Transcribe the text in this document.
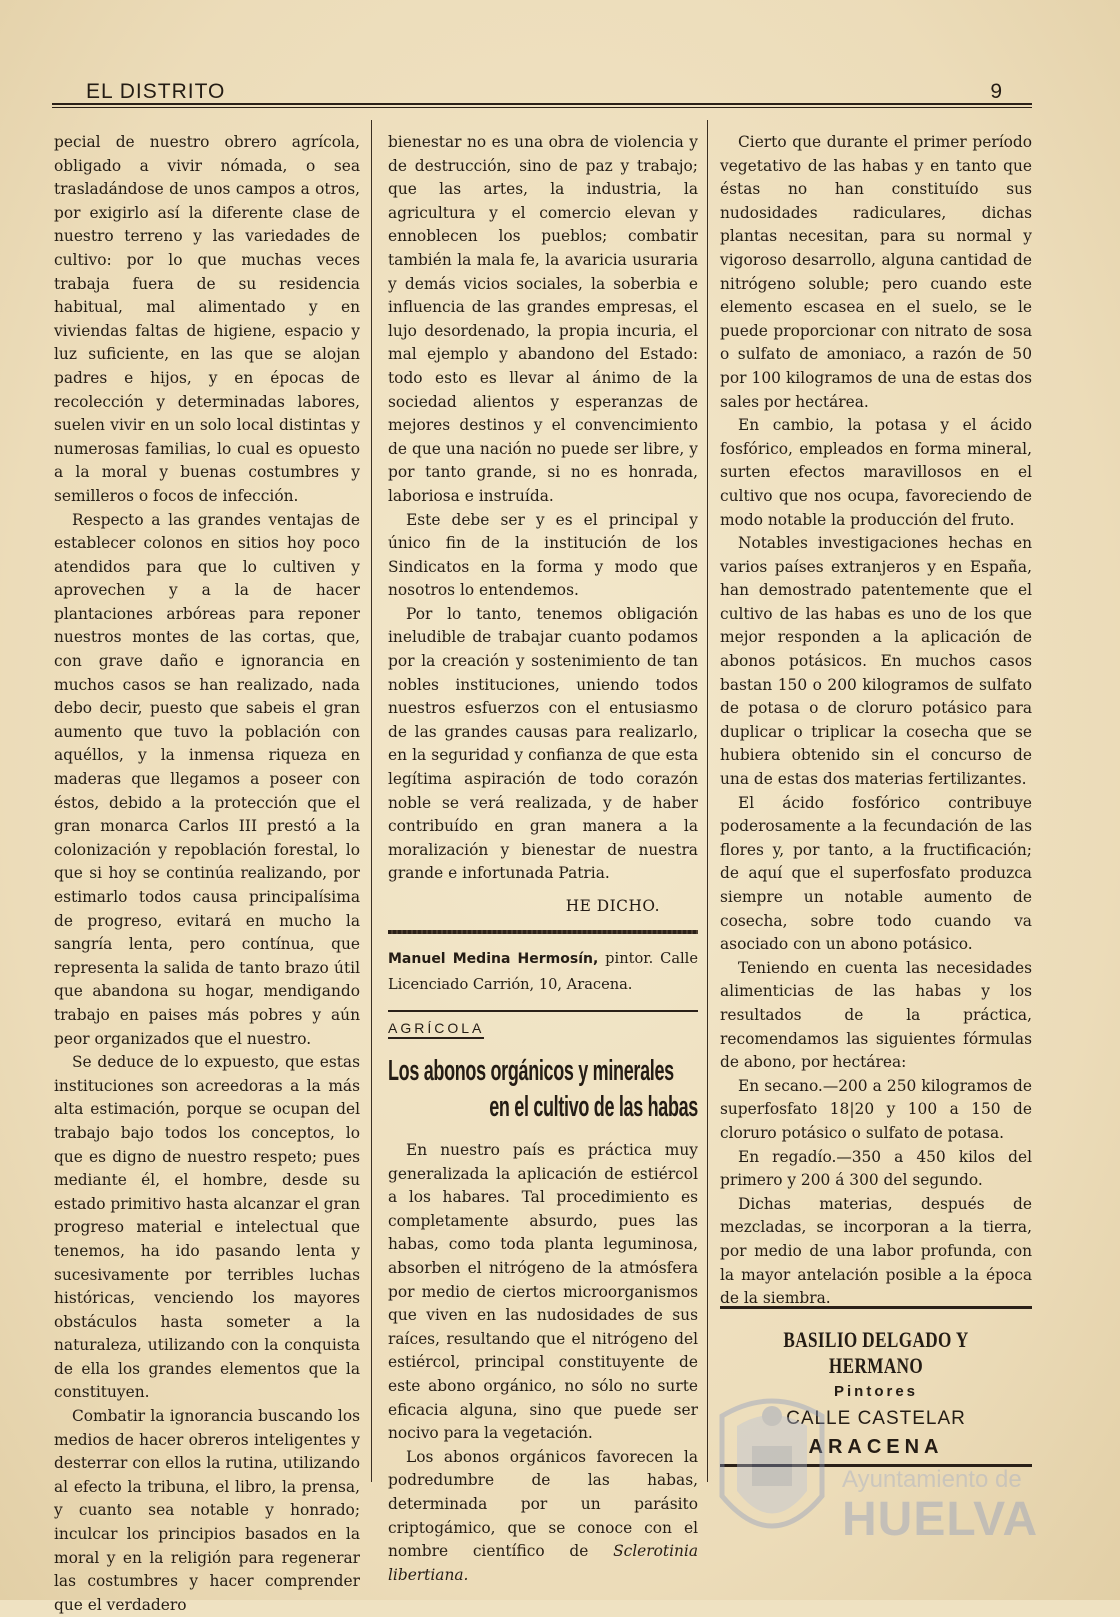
EL DISTRITO	9

pecial de nuestro obrero agrícola, obligado a vivir nómada, o sea trasladándose de unos campos a otros, por exigirlo así la diferente clase de nuestro terreno y las variedades de cultivo: por lo que muchas veces trabaja fuera de su residencia habitual, mal alimentado y en viviendas faltas de higiene, espacio y luz suficiente, en las que se alojan padres e hijos, y en épocas de recolección y determinadas labores, suelen vivir en un solo local distintas y numerosas familias, lo cual es opuesto a la moral y buenas costumbres y semilleros o focos de infección.

Respecto a las grandes ventajas de establecer colonos en sitios hoy poco atendidos para que lo cultiven y aprovechen y a la de hacer plantaciones arbóreas para reponer nuestros montes de las cortas, que, con grave daño e ignorancia en muchos casos se han realizado, nada debo decir, puesto que sabeis el gran aumento que tuvo la población con aquéllos, y la inmensa riqueza en maderas que llegamos a poseer con éstos, debido a la protección que el gran monarca Carlos III prestó a la colonización y repoblación forestal, lo que si hoy se continúa realizando, por estimarlo todos causa principalísima de progreso, evitará en mucho la sangría lenta, pero contínua, que representa la salida de tanto brazo útil que abandona su hogar, mendigando trabajo en paises más pobres y aún peor organizados que el nuestro.

Se deduce de lo expuesto, que estas instituciones son acreedoras a la más alta estimación, porque se ocupan del trabajo bajo todos los conceptos, lo que es digno de nuestro respeto; pues mediante él, el hombre, desde su estado primitivo hasta alcanzar el gran progreso material e intelectual que tenemos, ha ido pasando lenta y sucesivamente por terribles luchas históricas, venciendo los mayores obstáculos hasta someter a la naturaleza, utilizando con la conquista de ella los grandes elementos que la constituyen.

Combatir la ignorancia buscando los medios de hacer obreros inteligentes y desterrar con ellos la rutina, utilizando al efecto la tribuna, el libro, la prensa, y cuanto sea notable y honrado; inculcar los principios basados en la moral y en la religión para regenerar las costumbres y hacer comprender que el verdadero

bienestar no es una obra de violencia y de destrucción, sino de paz y trabajo; que las artes, la industria, la agricultura y el comercio elevan y ennoblecen los pueblos; combatir también la mala fe, la avaricia usuraria y demás vicios sociales, la soberbia e influencia de las grandes empresas, el lujo desordenado, la propia incuria, el mal ejemplo y abandono del Estado: todo esto es llevar al ánimo de la sociedad alientos y esperanzas de mejores destinos y el convencimiento de que una nación no puede ser libre, y por tanto grande, si no es honrada, laboriosa e instruída.

Este debe ser y es el principal y único fin de la institución de los Sindicatos en la forma y modo que nosotros lo entendemos.

Por lo tanto, tenemos obligación ineludible de trabajar cuanto podamos por la creación y sostenimiento de tan nobles instituciones, uniendo todos nuestros esfuerzos con el entusiasmo de las grandes causas para realizarlo, en la seguridad y confianza de que esta legítima aspiración de todo corazón noble se verá realizada, y de haber contribuído en gran manera a la moralización y bienestar de nuestra grande e infortunada Patria.

HE DICHO.
Manuel Medina Hermosín, pintor. Calle Licenciado Carrión, 10, Aracena.
AGRÍCOLA
Los abonos orgánicos y minerales
en el cultivo de las habas

En nuestro país es práctica muy generalizada la aplicación de estiércol a los habares. Tal procedimiento es completamente absurdo, pues las habas, como toda planta leguminosa, absorben el nitrógeno de la atmósfera por medio de ciertos microorganismos que viven en las nudosidades de sus raíces, resultando que el nitrógeno del estiércol, principal constituyente de este abono orgánico, no sólo no surte eficacia alguna, sino que puede ser nocivo para la vegetación.

Los abonos orgánicos favorecen la podredumbre de las habas, determinada por un parásito criptogámico, que se conoce con el nombre científico de Sclerotinia libertiana.

Cierto que durante el primer período vegetativo de las habas y en tanto que éstas no han constituído sus nudosidades radiculares, dichas plantas necesitan, para su normal y vigoroso desarrollo, alguna cantidad de nitrógeno soluble; pero cuando este elemento escasea en el suelo, se le puede proporcionar con nitrato de sosa o sulfato de amoniaco, a razón de 50 por 100 kilogramos de una de estas dos sales por hectárea.

En cambio, la potasa y el ácido fosfórico, empleados en forma mineral, surten efectos maravillosos en el cultivo que nos ocupa, favoreciendo de modo notable la producción del fruto.

Notables investigaciones hechas en varios países extranjeros y en España, han demostrado patentemente que el cultivo de las habas es uno de los que mejor responden a la aplicación de abonos potásicos. En muchos casos bastan 150 o 200 kilogramos de sulfato de potasa o de cloruro potásico para duplicar o triplicar la cosecha que se hubiera obtenido sin el concurso de una de estas dos materias fertilizantes.

El ácido fosfórico contribuye poderosamente a la fecundación de las flores y, por tanto, a la fructificación; de aquí que el superfosfato produzca siempre un notable aumento de cosecha, sobre todo cuando va asociado con un abono potásico.

Teniendo en cuenta las necesidades alimenticias de las habas y los resultados de la práctica, recomendamos las siguientes fórmulas de abono, por hectárea:

En secano.—200 a 250 kilogramos de superfosfato 18|20 y 100 a 150 de cloruro potásico o sulfato de potasa.

En regadío.—350 a 450 kilos del primero y 200 á 300 del segundo.

Dichas materias, después de mezcladas, se incorporan a la tierra, por medio de una labor profunda, con la mayor antelación posible a la época de la siembra.

BASILIO DELGADO Y HERMANO
Pintores
CALLE CASTELAR
ARACENA
Ayuntamiento de
HUELVA
